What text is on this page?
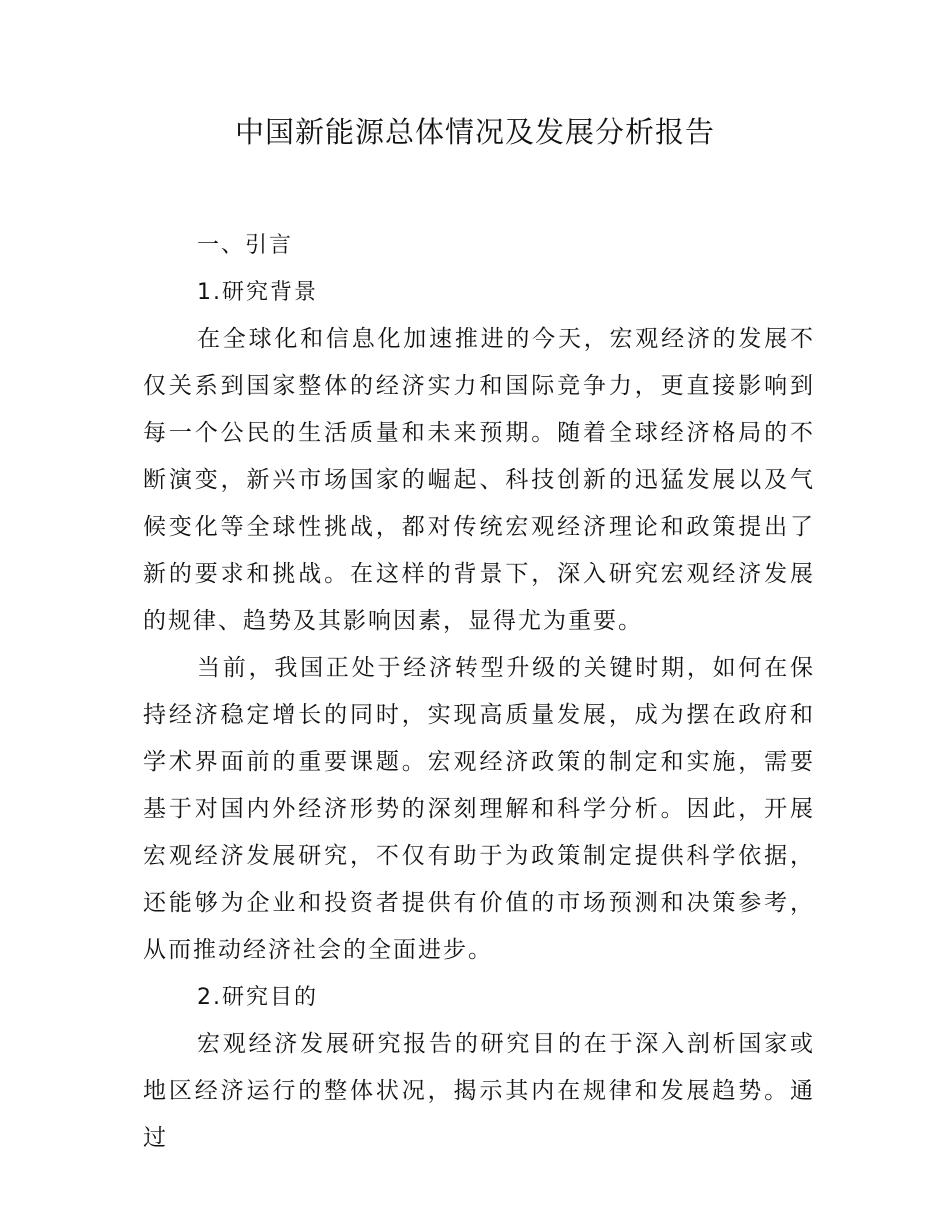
中国新能源总体情况及发展分析报告
一、引言
1.研究背景

在全球化和信息化加速推进的今天，宏观经济的发展不仅关系到国家整体的经济实力和国际竞争力，更直接影响到每一个公民的生活质量和未来预期。随着全球经济格局的不断演变，新兴市场国家的崛起、科技创新的迅猛发展以及气候变化等全球性挑战，都对传统宏观经济理论和政策提出了新的要求和挑战。在这样的背景下，深入研究宏观经济发展的规律、趋势及其影响因素，显得尤为重要。

当前，我国正处于经济转型升级的关键时期，如何在保持经济稳定增长的同时，实现高质量发展，成为摆在政府和学术界面前的重要课题。宏观经济政策的制定和实施，需要基于对国内外经济形势的深刻理解和科学分析。因此，开展宏观经济发展研究，不仅有助于为政策制定提供科学依据，还能够为企业和投资者提供有价值的市场预测和决策参考，从而推动经济社会的全面进步。

2.研究目的

宏观经济发展研究报告的研究目的在于深入剖析国家或地区经济运行的整体状况，揭示其内在规律和发展趋势。通过
